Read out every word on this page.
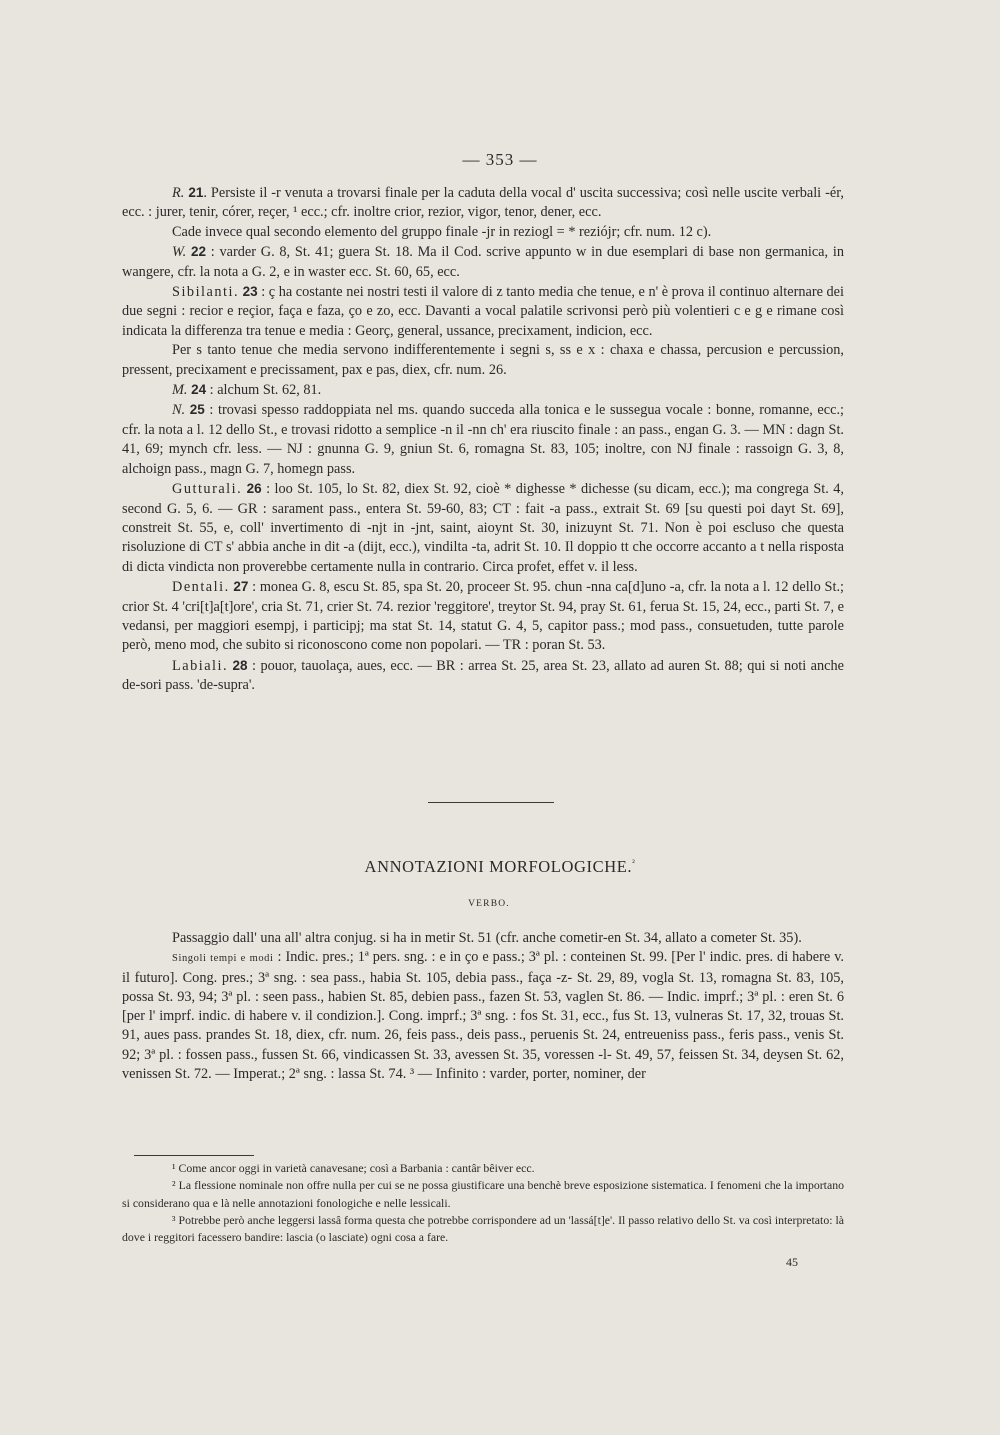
— 353 —

R. 21. Persiste il -r venuta a trovarsi finale per la caduta della vocal d' uscita successiva; così nelle uscite verbali -ér, ecc. : jurer, tenir, córer, reçer, ¹ ecc.; cfr. inoltre crior, rezior, vigor, tenor, dener, ecc.

Cade invece qual secondo elemento del gruppo finale -jr in reziogl = * reziójr; cfr. num. 12 c).

W. 22 : varder G. 8, St. 41; guera St. 18. Ma il Cod. scrive appunto w in due esemplari di base non germanica, in wangere, cfr. la nota a G. 2, e in waster ecc. St. 60, 65, ecc.

Sibilanti. 23 : ç ha costante nei nostri testi il valore di z tanto media che tenue, e n' è prova il continuo alternare dei due segni : recior e reçior, faça e faza, ço e zo, ecc. Davanti a vocal palatile scrivonsi però più volentieri c e g e rimane così indicata la differenza tra tenue e media : Georç, general, ussance, precixament, indicion, ecc.

Per s tanto tenue che media servono indifferentemente i segni s, ss e x : chaxa e chassa, percusion e percussion, pressent, precixament e precissament, pax e pas, diex, cfr. num. 26.

M. 24 : alchum St. 62, 81.

N. 25 : trovasi spesso raddoppiata nel ms. quando succeda alla tonica e le sussegua vocale : bonne, romanne, ecc.; cfr. la nota a l. 12 dello St., e trovasi ridotto a semplice -n il -nn ch' era riuscito finale : an pass., engan G. 3. — MN : dagn St. 41, 69; mynch cfr. less. — NJ : gnunna G. 9, gniun St. 6, romagna St. 83, 105; inoltre, con NJ finale : rassoign G. 3, 8, alchoign pass., magn G. 7, homegn pass.

Gutturali. 26 : loo St. 105, lo St. 82, diex St. 92, cioè * dighesse * dichesse (su dicam, ecc.); ma congrega St. 4, second G. 5, 6. — GR : sarament pass., entera St. 59-60, 83; CT : fait -a pass., extrait St. 69 [su questi poi dayt St. 69], constreit St. 55, e, coll' invertimento di -njt in -jnt, saint, aioynt St. 30, inizuynt St. 71. Non è poi escluso che questa risoluzione di CT s' abbia anche in dit -a (dijt, ecc.), vindilta -ta, adrit St. 10. Il doppio tt che occorre accanto a t nella risposta di dicta vindicta non proverebbe certamente nulla in contrario. Circa profet, effet v. il less.

Dentali. 27 : monea G. 8, escu St. 85, spa St. 20, proceer St. 95. chun -nna ca[d]uno -a, cfr. la nota a l. 12 dello St.; crior St. 4 'cri[t]a[t]ore', cria St. 71, crier St. 74. rezior 'reggitore', treytor St. 94, pray St. 61, ferua St. 15, 24, ecc., parti St. 7, e vedansi, per maggiori esempj, i participj; ma stat St. 14, statut G. 4, 5, capitor pass.; mod pass., consuetuden, tutte parole però, meno mod, che subito si riconoscono come non popolari. — TR : poran St. 53.

Labiali. 28 : pouor, tauolaça, aues, ecc. — BR : arrea St. 25, area St. 23, allato ad auren St. 88; qui si noti anche de-sori pass. 'de-supra'.

ANNOTAZIONI MORFOLOGICHE.$^{^2}$
VERBO.

Passaggio dall' una all' altra conjug. si ha in metir St. 51 (cfr. anche cometir-en St. 34, allato a cometer St. 35).

Singoli tempi e modi : Indic. pres.; 1ª pers. sng. : e in ço e pass.; 3ª pl. : conteinen St. 99. [Per l' indic. pres. di habere v. il futuro]. Cong. pres.; 3ª sng. : sea pass., habia St. 105, debia pass., faça -z- St. 29, 89, vogla St. 13, romagna St. 83, 105, possa St. 93, 94; 3ª pl. : seen pass., habien St. 85, debien pass., fazen St. 53, vaglen St. 86. — Indic. imprf.; 3ª pl. : eren St. 6 [per l' imprf. indic. di habere v. il condizion.]. Cong. imprf.; 3ª sng. : fos St. 31, ecc., fus St. 13, vulneras St. 17, 32, trouas St. 91, aues pass. prandes St. 18, diex, cfr. num. 26, feis pass., deis pass., peruenis St. 24, entreueniss pass., feris pass., venis St. 92; 3ª pl. : fossen pass., fussen St. 66, vindicassen St. 33, avessen St. 35, voressen -l- St. 49, 57, feissen St. 34, deysen St. 62, venissen St. 72. — Imperat.; 2ª sng. : lassa St. 74. ³ — Infinito : varder, porter, nominer, der

¹ Come ancor oggi in varietà canavesane; così a Barbania : cantâr bêiver ecc.

² La flessione nominale non offre nulla per cui se ne possa giustificare una benchè breve esposizione sistematica. I fenomeni che la importano si considerano qua e là nelle annotazioni fonologiche e nelle lessicali.

³ Potrebbe però anche leggersi lassâ forma questa che potrebbe corrispondere ad un 'lassá[t]e'. Il passo relativo dello St. va così interpretato: là dove i reggitori facessero bandire: lascia (o lasciate) ogni cosa a fare.

45
